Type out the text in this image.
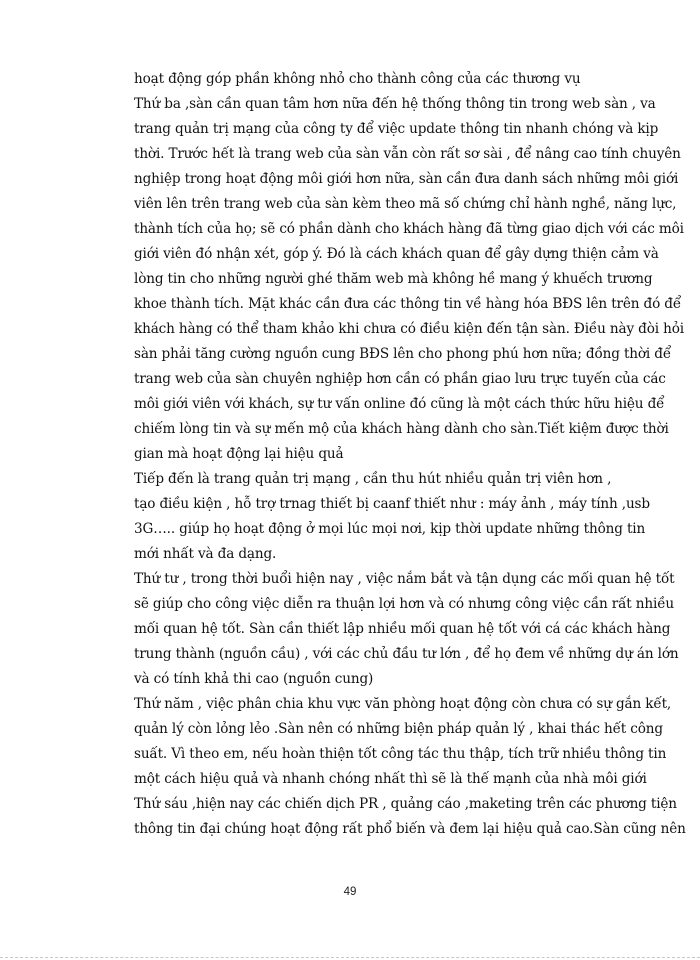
hoạt động góp phần không nhỏ cho thành công của các thương vụ
Thứ ba ,sàn cần quan tâm hơn nữa đến hệ thống thông tin trong web sàn , va
trang quản trị mạng của công ty để việc update thông tin nhanh chóng và kịp
thời. Trước hết là trang web của sàn vẫn còn rất sơ sài , để nâng cao tính chuyên
nghiệp trong hoạt động môi giới hơn nữa, sàn cần đưa danh sách những môi giới
viên lên trên trang web của sàn kèm theo mã số chứng chỉ hành nghề, năng lực,
thành tích của họ; sẽ có phần dành cho khách hàng đã từng giao dịch với các môi
giới viên đó nhận xét, góp ý. Đó là cách khách quan để gây dựng thiện cảm và
lòng tin cho những người ghé thăm web mà không hề mang ý khuếch trương
khoe thành tích. Mặt khác cần đưa các thông tin về hàng hóa BĐS lên trên đó để
khách hàng có thể tham khảo khi chưa có điều kiện đến tận sàn. Điều này đòi hỏi
sàn phải tăng cường nguồn cung BĐS lên cho phong phú hơn nữa; đồng thời để
trang web của sàn chuyên nghiệp hơn cần có phần giao lưu trực tuyến của các
môi giới viên với khách, sự tư vấn online đó cũng là một cách thức hữu hiệu để
chiếm lòng tin và sự mến mộ của khách hàng dành cho sàn.Tiết kiệm được thời
gian mà hoạt động lại hiệu quả
Tiếp đến là trang quản trị mạng , cần thu hút nhiều quản trị viên hơn ,
tạo điều kiện , hỗ trợ trnag thiết bị caanf thiết như : máy ảnh , máy tính ,usb
3G….. giúp họ hoạt động ở mọi lúc mọi nơi, kịp thời update những thông tin
mới nhất và đa dạng.
Thứ tư , trong thời buổi hiện nay , việc nắm bắt và tận dụng các mối quan hệ tốt
sẽ giúp cho công việc diễn ra thuận lợi hơn và có nhưng công việc cần rất nhiều
mối quan hệ tốt. Sàn cần thiết lập nhiều mối quan hệ tốt với cá các khách hàng
trung thành (nguồn cầu) , với các chủ đầu tư lớn , để họ đem về những dự án lớn
và có tính khả thi cao (nguồn cung)
Thứ năm , việc phân chia khu vực văn phòng hoạt động còn chưa có sự gắn kết,
quản lý còn lỏng lẻo .Sàn nên có những biện pháp quản lý , khai thác hết công
suất. Vì theo em, nếu hoàn thiện tốt công tác thu thập, tích trữ nhiều thông tin
một cách hiệu quả và nhanh chóng nhất thì sẽ là thế mạnh của nhà môi giới
Thứ sáu ,hiện nay các chiến dịch PR , quảng cáo ,maketing trên các phương tiện
thông tin đại chúng hoạt động rất phổ biến và đem lại hiệu quả cao.Sàn cũng nên
49
